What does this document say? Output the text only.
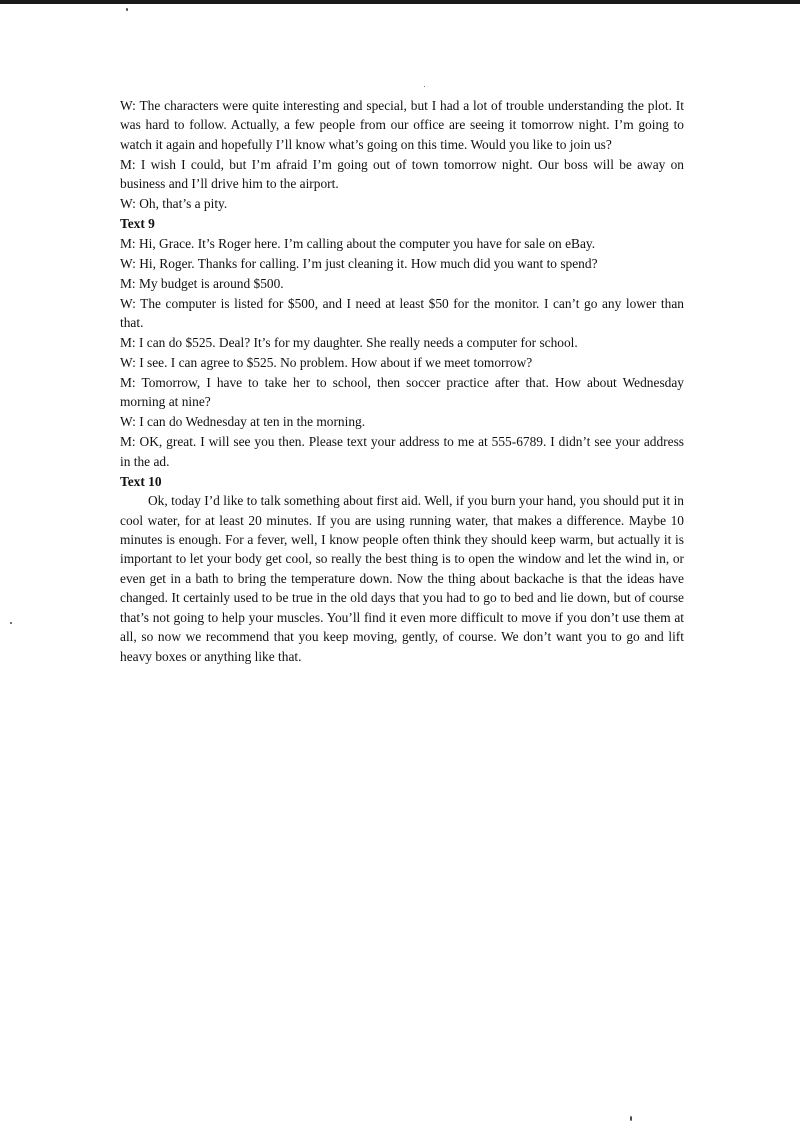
W: The characters were quite interesting and special, but I had a lot of trouble understanding the plot. It was hard to follow. Actually, a few people from our office are seeing it tomorrow night. I’m going to watch it again and hopefully I’ll know what’s going on this time. Would you like to join us?

M: I wish I could, but I’m afraid I’m going out of town tomorrow night. Our boss will be away on business and I’ll drive him to the airport.

W: Oh, that’s a pity.

Text 9

M: Hi, Grace. It’s Roger here. I’m calling about the computer you have for sale on eBay.

W: Hi, Roger. Thanks for calling. I’m just cleaning it. How much did you want to spend?

M: My budget is around $500.

W: The computer is listed for $500, and I need at least $50 for the monitor. I can’t go any lower than that.

M: I can do $525. Deal? It’s for my daughter. She really needs a computer for school.

W: I see. I can agree to $525. No problem. How about if we meet tomorrow?

M: Tomorrow, I have to take her to school, then soccer practice after that. How about Wednesday morning at nine?

W: I can do Wednesday at ten in the morning.

M: OK, great. I will see you then. Please text your address to me at 555-6789. I didn’t see your address in the ad.

Text 10

Ok, today I’d like to talk something about first aid. Well, if you burn your hand, you should put it in cool water, for at least 20 minutes. If you are using running water, that makes a difference. Maybe 10 minutes is enough. For a fever, well, I know people often think they should keep warm, but actually it is important to let your body get cool, so really the best thing is to open the window and let the wind in, or even get in a bath to bring the temperature down. Now the thing about backache is that the ideas have changed. It certainly used to be true in the old days that you had to go to bed and lie down, but of course that’s not going to help your muscles. You’ll find it even more difficult to move if you don’t use them at all, so now we recommend that you keep moving, gently, of course. We don’t want you to go and lift heavy boxes or anything like that.
